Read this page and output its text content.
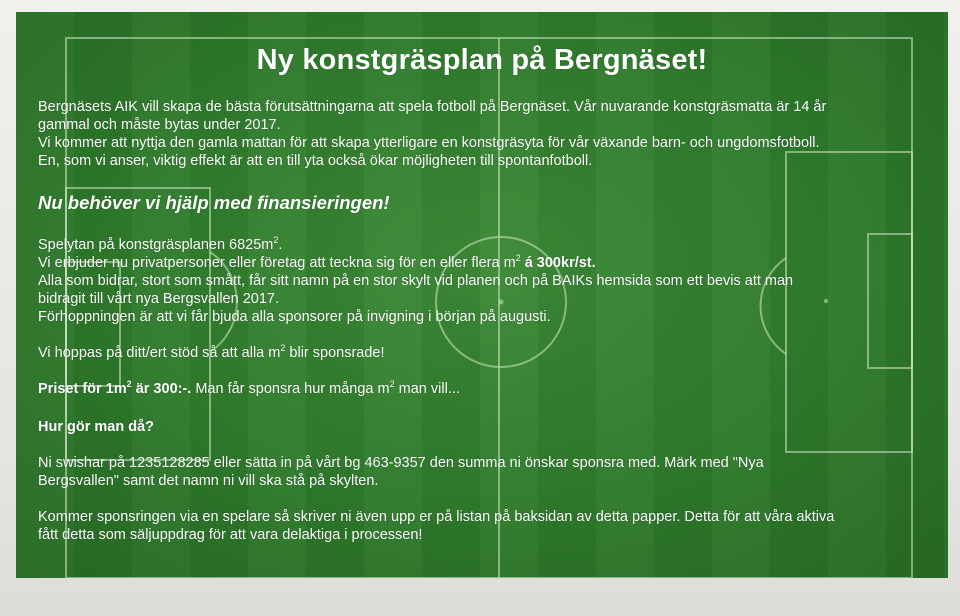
Ny konstgräsplan på Bergnäset!

Bergnäsets AIK vill skapa de bästa förutsättningarna att spela fotboll på Bergnäset. Vår nuvarande konstgräsmatta är 14 år

gammal och måste bytas under 2017.

Vi kommer att nyttja den gamla mattan för att skapa ytterligare en konstgräsyta för vår växande barn- och ungdomsfotboll.

En, som vi anser, viktig effekt är att en till yta också ökar möjligheten till spontanfotboll.

Nu behöver vi hjälp med finansieringen!

Spelytan på konstgräsplanen $6825m^2$.

Vi erbjuder nu privatpersoner eller företag att teckna sig för en eller flera $m^2$ á 300kr/st.

Alla som bidrar, stort som smått, får sitt namn på en stor skylt vid planen och på BAIKs hemsida som ett bevis att man

bidragit till vårt nya Bergsvallen 2017.

Förhoppningen är att vi får bjuda alla sponsorer på invigning i början på augusti.

Vi hoppas på ditt/ert stöd så att alla $m^2$ blir sponsrade!

Priset för $1m^2$ är 300:-. Man får sponsra hur många $m^2$ man vill...

Hur gör man då?

Ni swishar på 1235128285 eller sätta in på vårt bg 463-9357 den summa ni önskar sponsra med. Märk med "Nya

Bergsvallen" samt det namn ni vill ska stå på skylten.

Kommer sponsringen via en spelare så skriver ni även upp er på listan på baksidan av detta papper. Detta för att våra aktiva

fått detta som säljuppdrag för att vara delaktiga i processen!
